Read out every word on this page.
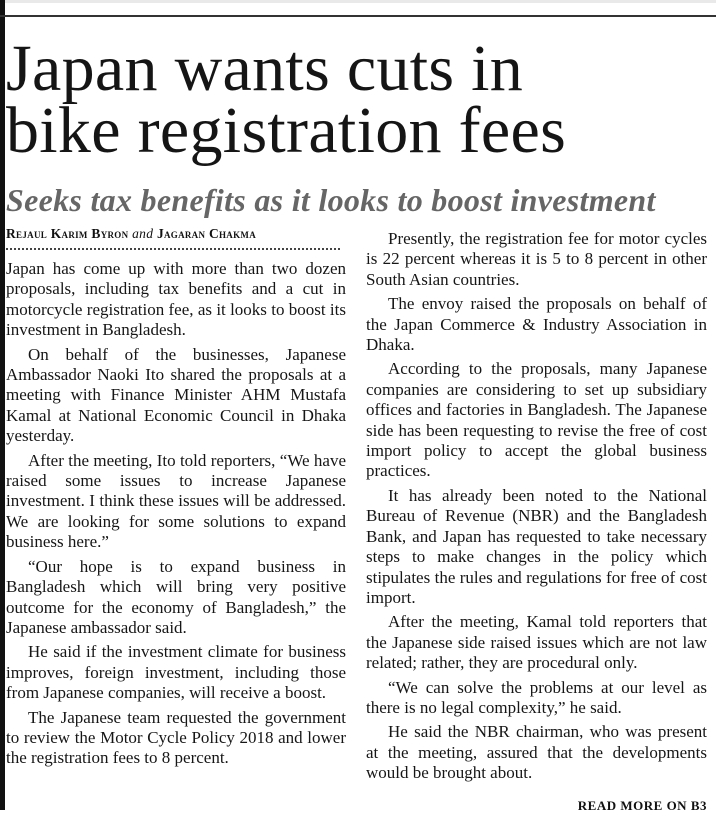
Japan wants cuts in
bike registration fees
Seeks tax benefits as it looks to boost investment
Rejaul Karim Byron and Jagaran Chakma

Japan has come up with more than two dozen proposals, including tax benefits and a cut in motorcycle registration fee, as it looks to boost its investment in Bangladesh.

On behalf of the businesses, Japanese Ambassador Naoki Ito shared the proposals at a meeting with Finance Minister AHM Mustafa Kamal at National Economic Council in Dhaka yesterday.

After the meeting, Ito told reporters, “We have raised some issues to increase Japanese investment. I think these issues will be addressed. We are looking for some solutions to expand business here.”

“Our hope is to expand business in Bangladesh which will bring very positive outcome for the economy of Bangladesh,” the Japanese ambassador said.

He said if the investment climate for business improves, foreign investment, including those from Japanese companies, will receive a boost.

The Japanese team requested the government to review the Motor Cycle Policy 2018 and lower the registration fees to 8 percent.

Presently, the registration fee for motor cycles is 22 percent whereas it is 5 to 8 percent in other South Asian countries.

The envoy raised the proposals on behalf of the Japan Commerce & Industry Association in Dhaka.

According to the proposals, many Japanese companies are considering to set up subsidiary offices and factories in Bangladesh. The Japanese side has been requesting to revise the free of cost import policy to accept the global business practices.

It has already been noted to the National Bureau of Revenue (NBR) and the Bangladesh Bank, and Japan has requested to take necessary steps to make changes in the policy which stipulates the rules and regulations for free of cost import.

After the meeting, Kamal told reporters that the Japanese side raised issues which are not law related; rather, they are procedural only.

“We can solve the problems at our level as there is no legal complexity,” he said.

He said the NBR chairman, who was present at the meeting, assured that the developments would be brought about.

READ MORE ON B3
